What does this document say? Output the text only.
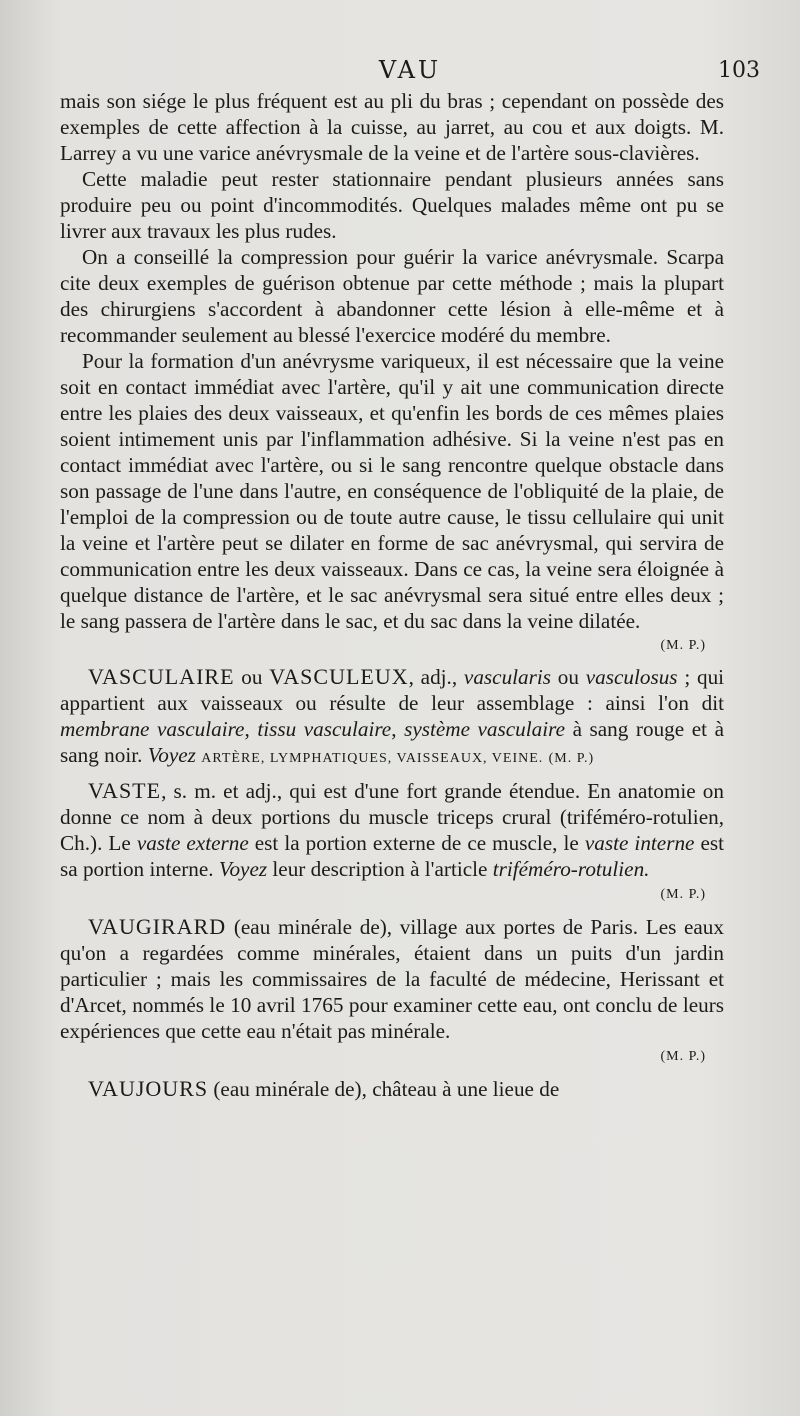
VAU	103

mais son siége le plus fréquent est au pli du bras ; cependant on possède des exemples de cette affection à la cuisse, au jarret, au cou et aux doigts. M. Larrey a vu une varice anévrysmale de la veine et de l'artère sous-clavières.

Cette maladie peut rester stationnaire pendant plusieurs années sans produire peu ou point d'incommodités. Quelques malades même ont pu se livrer aux travaux les plus rudes.

On a conseillé la compression pour guérir la varice anévrysmale. Scarpa cite deux exemples de guérison obtenue par cette méthode ; mais la plupart des chirurgiens s'accordent à abandonner cette lésion à elle-même et à recommander seulement au blessé l'exercice modéré du membre.

Pour la formation d'un anévrysme variqueux, il est nécessaire que la veine soit en contact immédiat avec l'artère, qu'il y ait une communication directe entre les plaies des deux vaisseaux, et qu'enfin les bords de ces mêmes plaies soient intimement unis par l'inflammation adhésive. Si la veine n'est pas en contact immédiat avec l'artère, ou si le sang rencontre quelque obstacle dans son passage de l'une dans l'autre, en conséquence de l'obliquité de la plaie, de l'emploi de la compression ou de toute autre cause, le tissu cellulaire qui unit la veine et l'artère peut se dilater en forme de sac anévrysmal, qui servira de communication entre les deux vaisseaux. Dans ce cas, la veine sera éloignée à quelque distance de l'artère, et le sac anévrysmal sera situé entre elles deux ; le sang passera de l'artère dans le sac, et du sac dans la veine dilatée.

(M. P.)

VASCULAIRE ou VASCULEUX, adj., vascularis ou vasculosus ; qui appartient aux vaisseaux ou résulte de leur assemblage : ainsi l'on dit membrane vasculaire, tissu vasculaire, système vasculaire à sang rouge et à sang noir. Voyez ARTÈRE, LYMPHATIQUES, VAISSEAUX, VEINE. (M. P.)

VASTE, s. m. et adj., qui est d'une fort grande étendue. En anatomie on donne ce nom à deux portions du muscle triceps crural (triféméro-rotulien, Ch.). Le vaste externe est la portion externe de ce muscle, le vaste interne est sa portion interne. Voyez leur description à l'article triféméro-rotulien.

(M. P.)

VAUGIRARD (eau minérale de), village aux portes de Paris. Les eaux qu'on a regardées comme minérales, étaient dans un puits d'un jardin particulier ; mais les commissaires de la faculté de médecine, Herissant et d'Arcet, nommés le 10 avril 1765 pour examiner cette eau, ont conclu de leurs expériences que cette eau n'était pas minérale.

(M. P.)

VAUJOURS (eau minérale de), château à une lieue de
